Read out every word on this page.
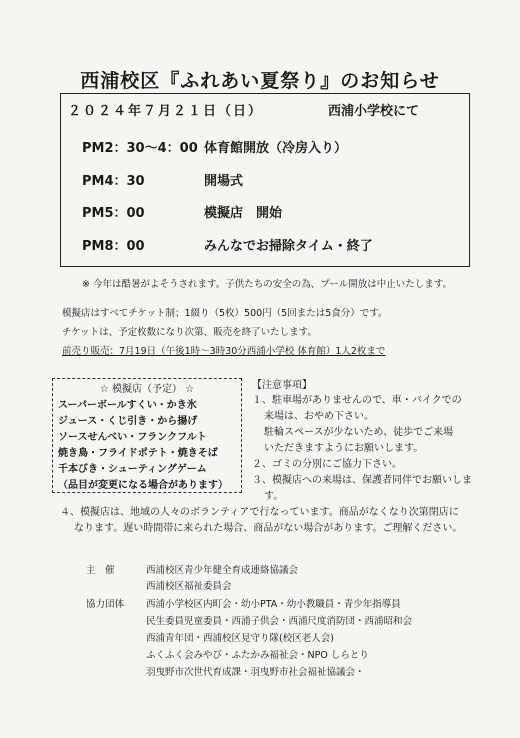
西浦校区『ふれあい夏祭り』のお知らせ
２０２４年７月２１日（日）	西浦小学校にて
PM2：30～4：00 体育館開放（冷房入り）
PM4：30	開場式
PM5：00	模擬店　開始
PM8：00	みんなでお掃除タイム・終了
※ 今年は酷暑がよそうされます。子供たちの安全の為、プール開放は中止いたします。
模擬店はすべてチケット制；1綴り（5枚）500円（5回または5食分）です。
チケットは、予定枚数になり次第、販売を終了いたします。
前売り販売：7月19日（午後1時～3時30分西浦小学校 体育館）1人2枚まで
☆ 模擬店（予定） ☆
スーパーボールすくい・かき氷
ジュース・くじ引き・から揚げ
ソースせんべい・フランクフルト
焼き鳥・フライドポテト・焼きそば
千本びき・シューティングゲーム
（品目が変更になる場合があります）
【注意事項】
１、駐車場がありませんので、車・バイクでの
来場は、おやめ下さい。
駐輪スペースが少ないため、徒歩でご来場
いただきますようにお願いします。
２、ゴミの分別にご協力下さい。
３、模擬店への来場は、保護者同伴でお願いしま
す。
４、模擬店は、地域の人々のボランティアで行なっています。商品がなくなり次第閉店に
なります。遅い時間帯に来られた場合、商品がない場合があります。ご理解ください。
主　催	西浦校区青少年健全育成連絡協議会
西浦校区福祉委員会
協力団体 西浦小学校区内町会・幼小PTA・幼小教職員・青少年指導員
民生委員児童委員・西浦子供会・西浦尺度消防団・西浦昭和会
西浦青年団・西浦校区見守り隊(校区老人会)
ふくふく会みやび・ふたかみ福祉会・NPO しらとり
羽曳野市次世代育成課・羽曳野市社会福祉協議会・
